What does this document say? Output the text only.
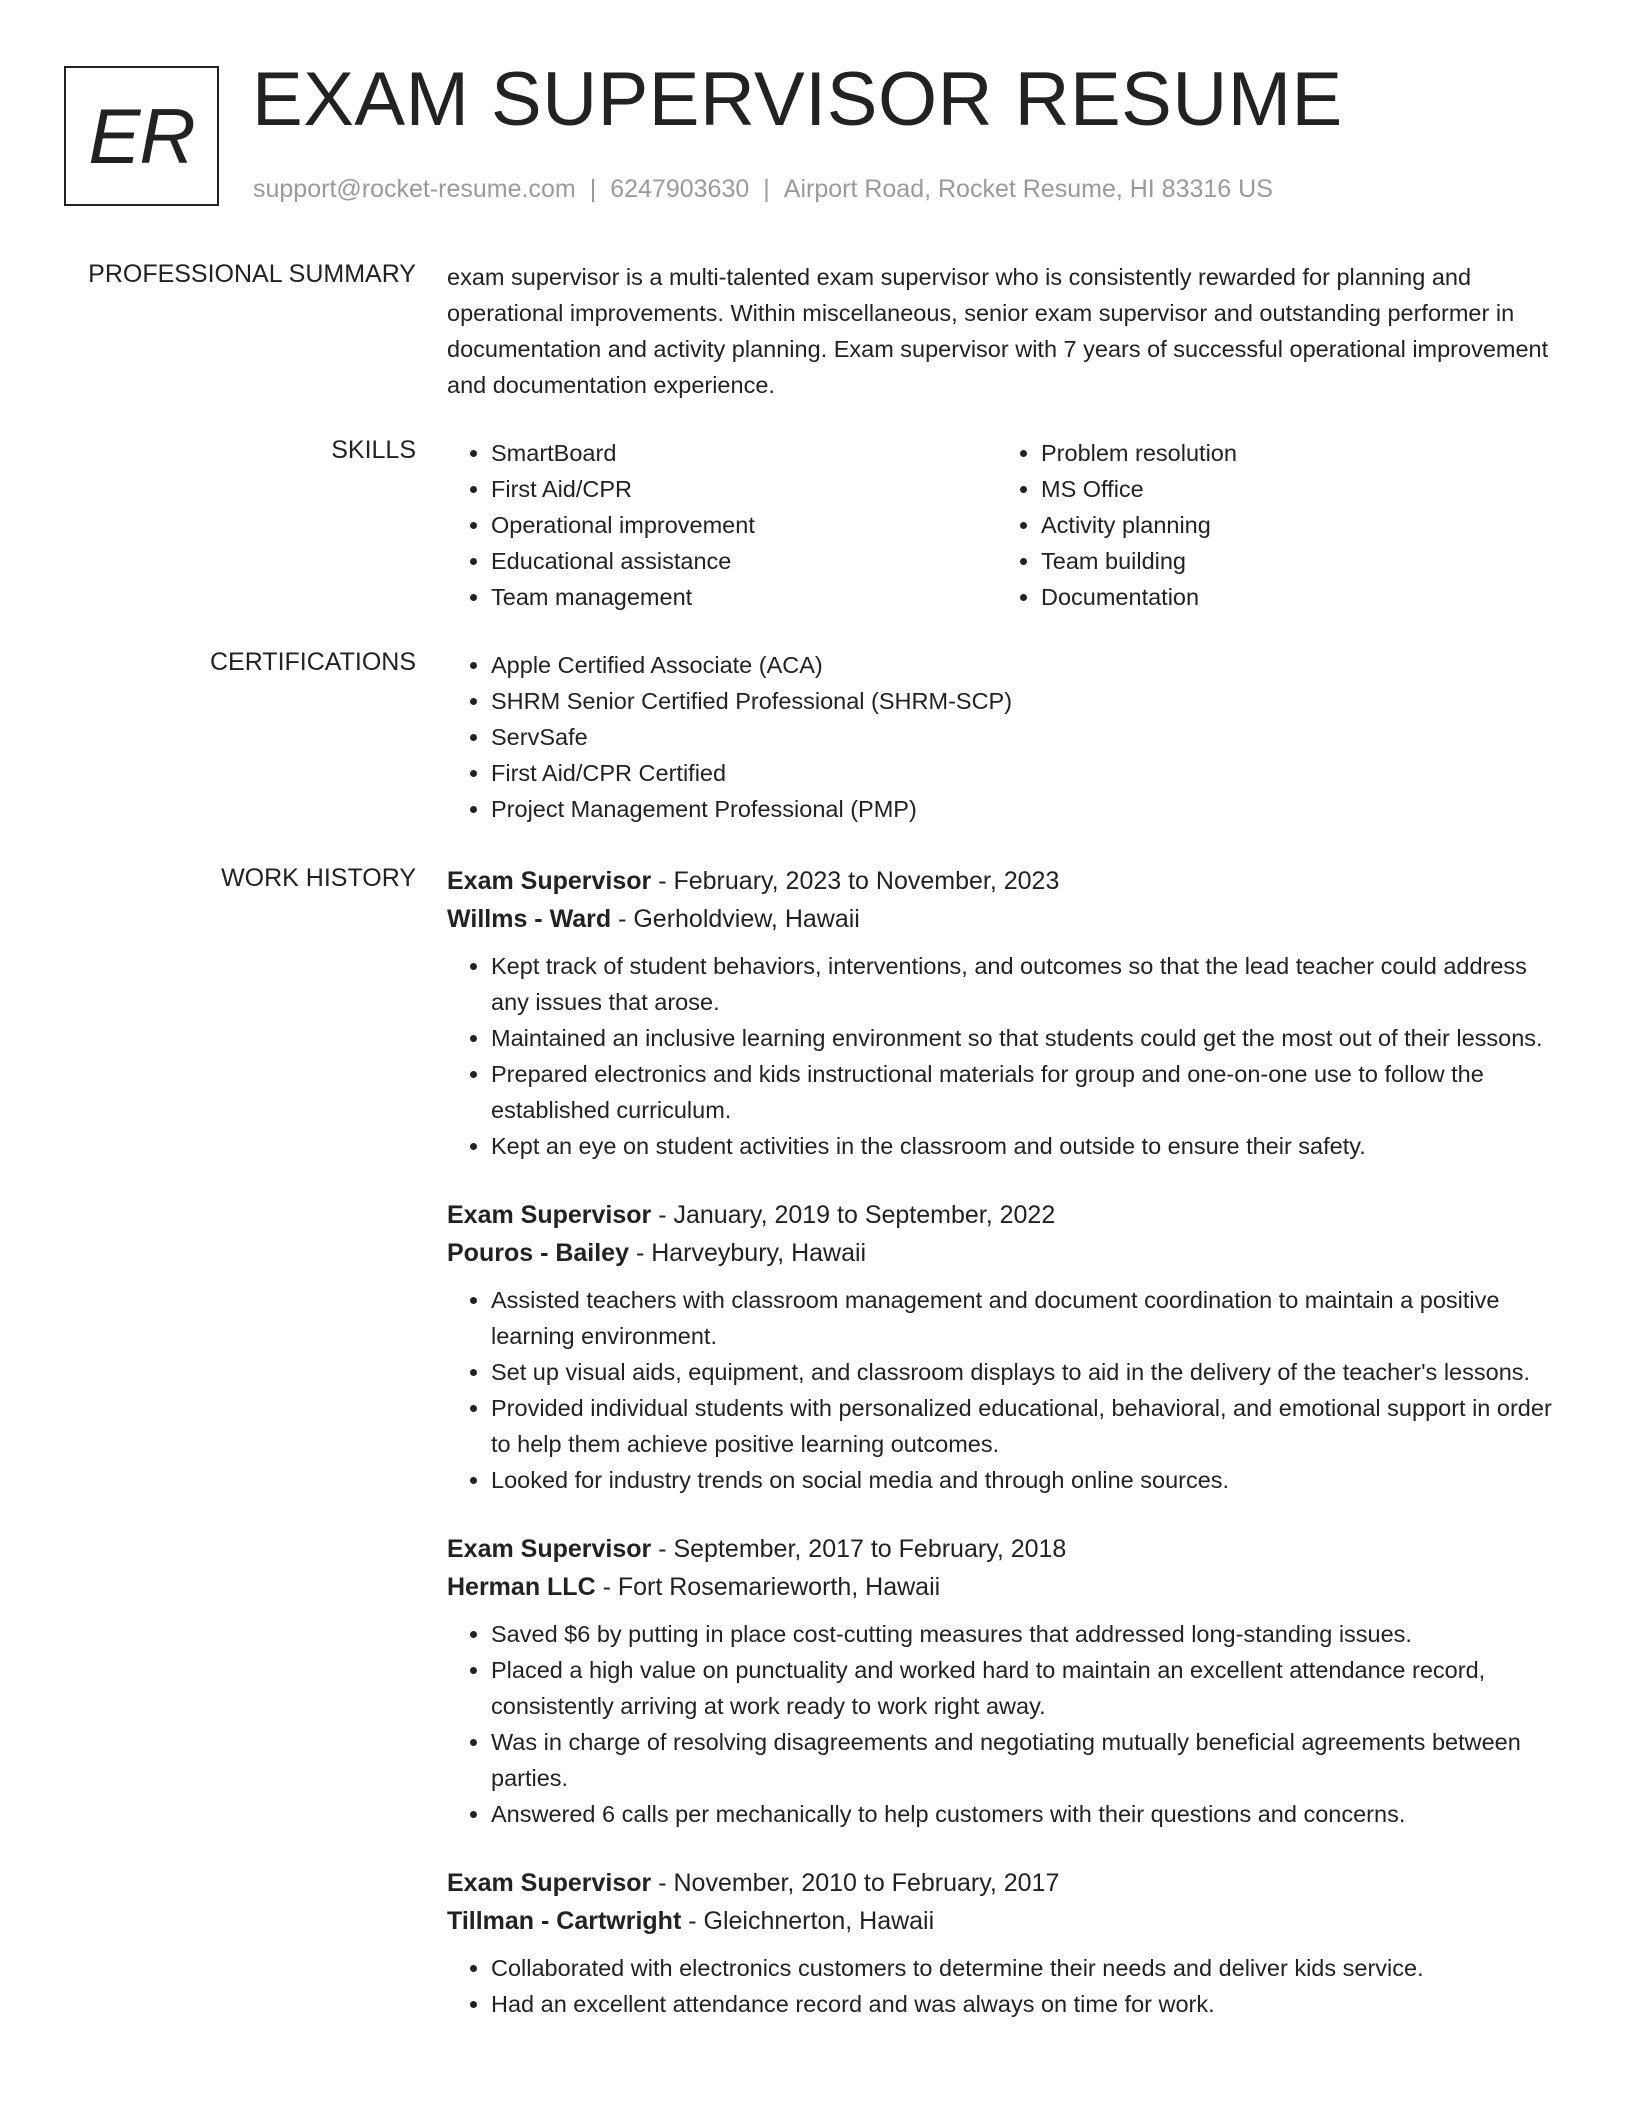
ER EXAM SUPERVISOR RESUME
support@rocket-resume.com | 6247903630 | Airport Road, Rocket Resume, HI 83316 US
PROFESSIONAL SUMMARY exam supervisor is a multi-talented exam supervisor who is consistently rewarded for planning and operational improvements. Within miscellaneous, senior exam supervisor and outstanding performer in documentation and activity planning. Exam supervisor with 7 years of successful operational improvement and documentation experience.

SKILLS	• SmartBoard
• First Aid/CPR
• Operational improvement
• Educational assistance
• Team management
• Problem resolution
• MS Office
• Activity planning
• Team building
• Documentation
CERTIFICATIONS	• Apple Certified Associate (ACA)
• SHRM Senior Certified Professional (SHRM-SCP)
• ServSafe
• First Aid/CPR Certified
• Project Management Professional (PMP)
WORK HISTORY Exam Supervisor - February, 2023 to November, 2023
Willms - Ward - Gerholdview, Hawaii
• Kept track of student behaviors, interventions, and outcomes so that the lead teacher could address any issues that arose.
• Maintained an inclusive learning environment so that students could get the most out of their lessons.
• Prepared electronics and kids instructional materials for group and one-on-one use to follow the established curriculum.
• Kept an eye on student activities in the classroom and outside to ensure their safety.
Exam Supervisor - January, 2019 to September, 2022
Pouros - Bailey - Harveybury, Hawaii
• Assisted teachers with classroom management and document coordination to maintain a positive learning environment.
• Set up visual aids, equipment, and classroom displays to aid in the delivery of the teacher's lessons.
• Provided individual students with personalized educational, behavioral, and emotional support in order to help them achieve positive learning outcomes.
• Looked for industry trends on social media and through online sources.
Exam Supervisor - September, 2017 to February, 2018
Herman LLC - Fort Rosemarieworth, Hawaii
• Saved $6 by putting in place cost-cutting measures that addressed long-standing issues.
• Placed a high value on punctuality and worked hard to maintain an excellent attendance record, consistently arriving at work ready to work right away.
• Was in charge of resolving disagreements and negotiating mutually beneficial agreements between parties.
• Answered 6 calls per mechanically to help customers with their questions and concerns.
Exam Supervisor - November, 2010 to February, 2017
Tillman - Cartwright - Gleichnerton, Hawaii
• Collaborated with electronics customers to determine their needs and deliver kids service.
• Had an excellent attendance record and was always on time for work.
